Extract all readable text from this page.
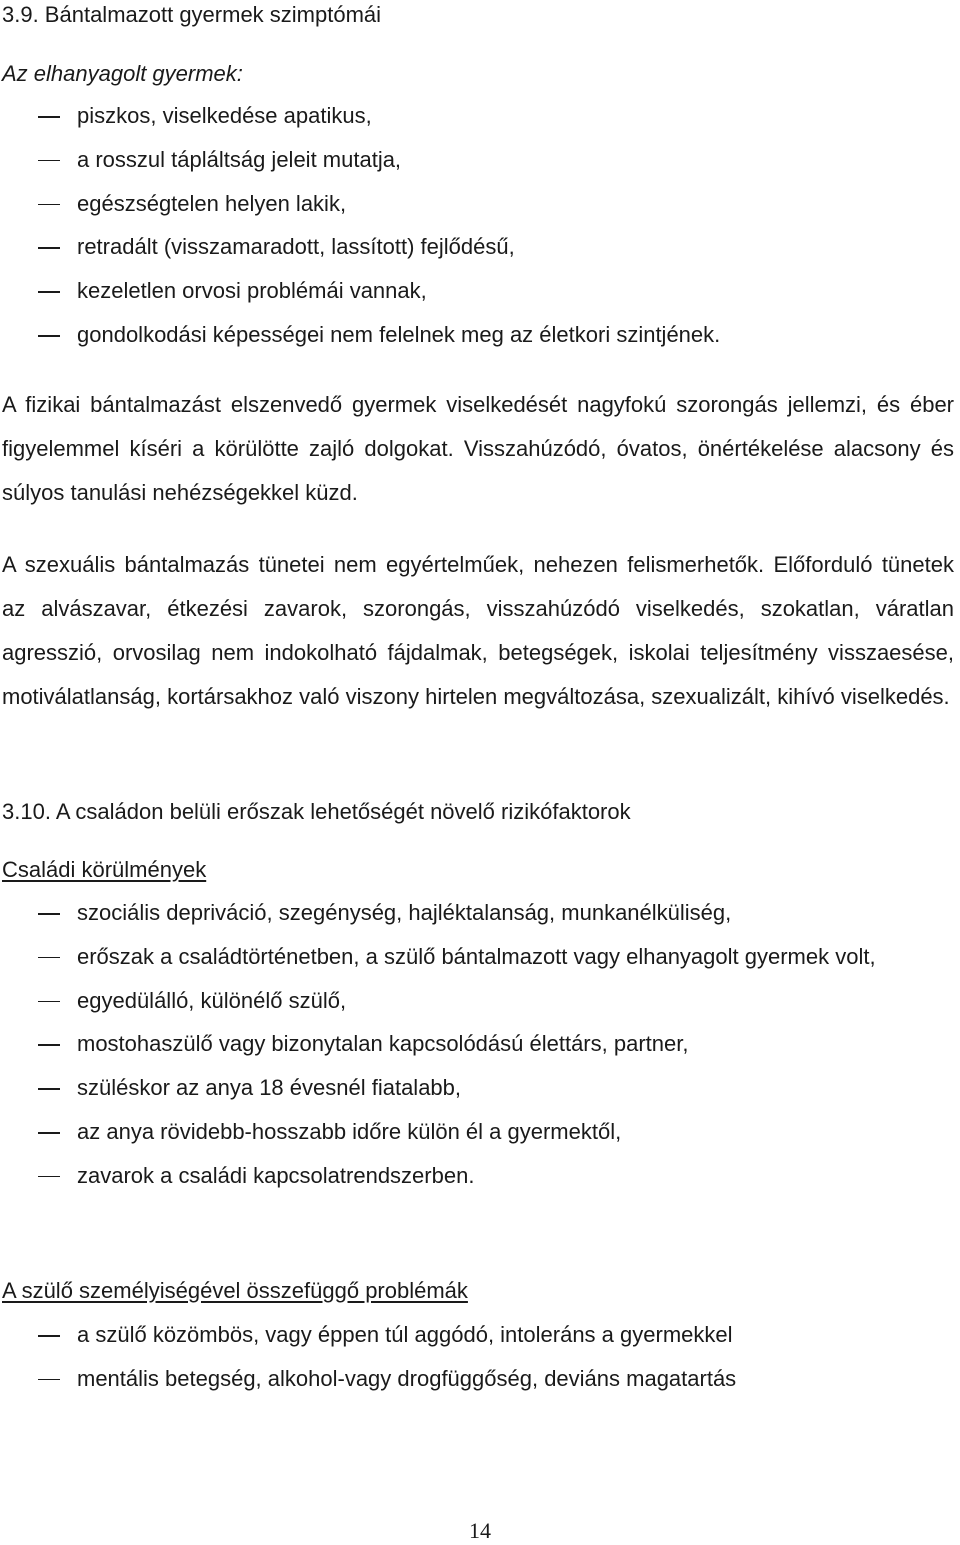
3.9. Bántalmazott gyermek szimptómái

Az elhanyagolt gyermek:

piszkos, viselkedése apatikus,
a rosszul tápláltság jeleit mutatja,
egészségtelen helyen lakik,
retradált (visszamaradott, lassított) fejlődésű,
kezeletlen orvosi problémái vannak,
gondolkodási képességei nem felelnek meg az életkori szintjének.

A fizikai bántalmazást elszenvedő gyermek viselkedését nagyfokú szorongás jellemzi, és éber figyelemmel kíséri a körülötte zajló dolgokat. Visszahúzódó, óvatos, önértékelése alacsony és súlyos tanulási nehézségekkel küzd.

A szexuális bántalmazás tünetei nem egyértelműek, nehezen felismerhetők. Előforduló tünetek az alvászavar, étkezési zavarok, szorongás, visszahúzódó viselkedés, szokatlan, váratlan agresszió, orvosilag nem indokolható fájdalmak, betegségek, iskolai teljesítmény visszaesése, motiválatlanság, kortársakhoz való viszony hirtelen megváltozása, szexualizált, kihívó viselkedés.

3.10. A családon belüli erőszak lehetőségét növelő rizikófaktorok

Családi körülmények

szociális depriváció, szegénység, hajléktalanság, munkanélküliség,
erőszak a családtörténetben, a szülő bántalmazott vagy elhanyagolt gyermek volt,
egyedülálló, különélő szülő,
mostohaszülő vagy bizonytalan kapcsolódású élettárs, partner,
szüléskor az anya 18 évesnél fiatalabb,
az anya rövidebb-hosszabb időre külön él a gyermektől,
zavarok a családi kapcsolatrendszerben.

A szülő személyiségével összefüggő problémák

a szülő közömbös, vagy éppen túl aggódó, intoleráns a gyermekkel
mentális betegség, alkohol-vagy drogfüggőség, deviáns magatartás
14
